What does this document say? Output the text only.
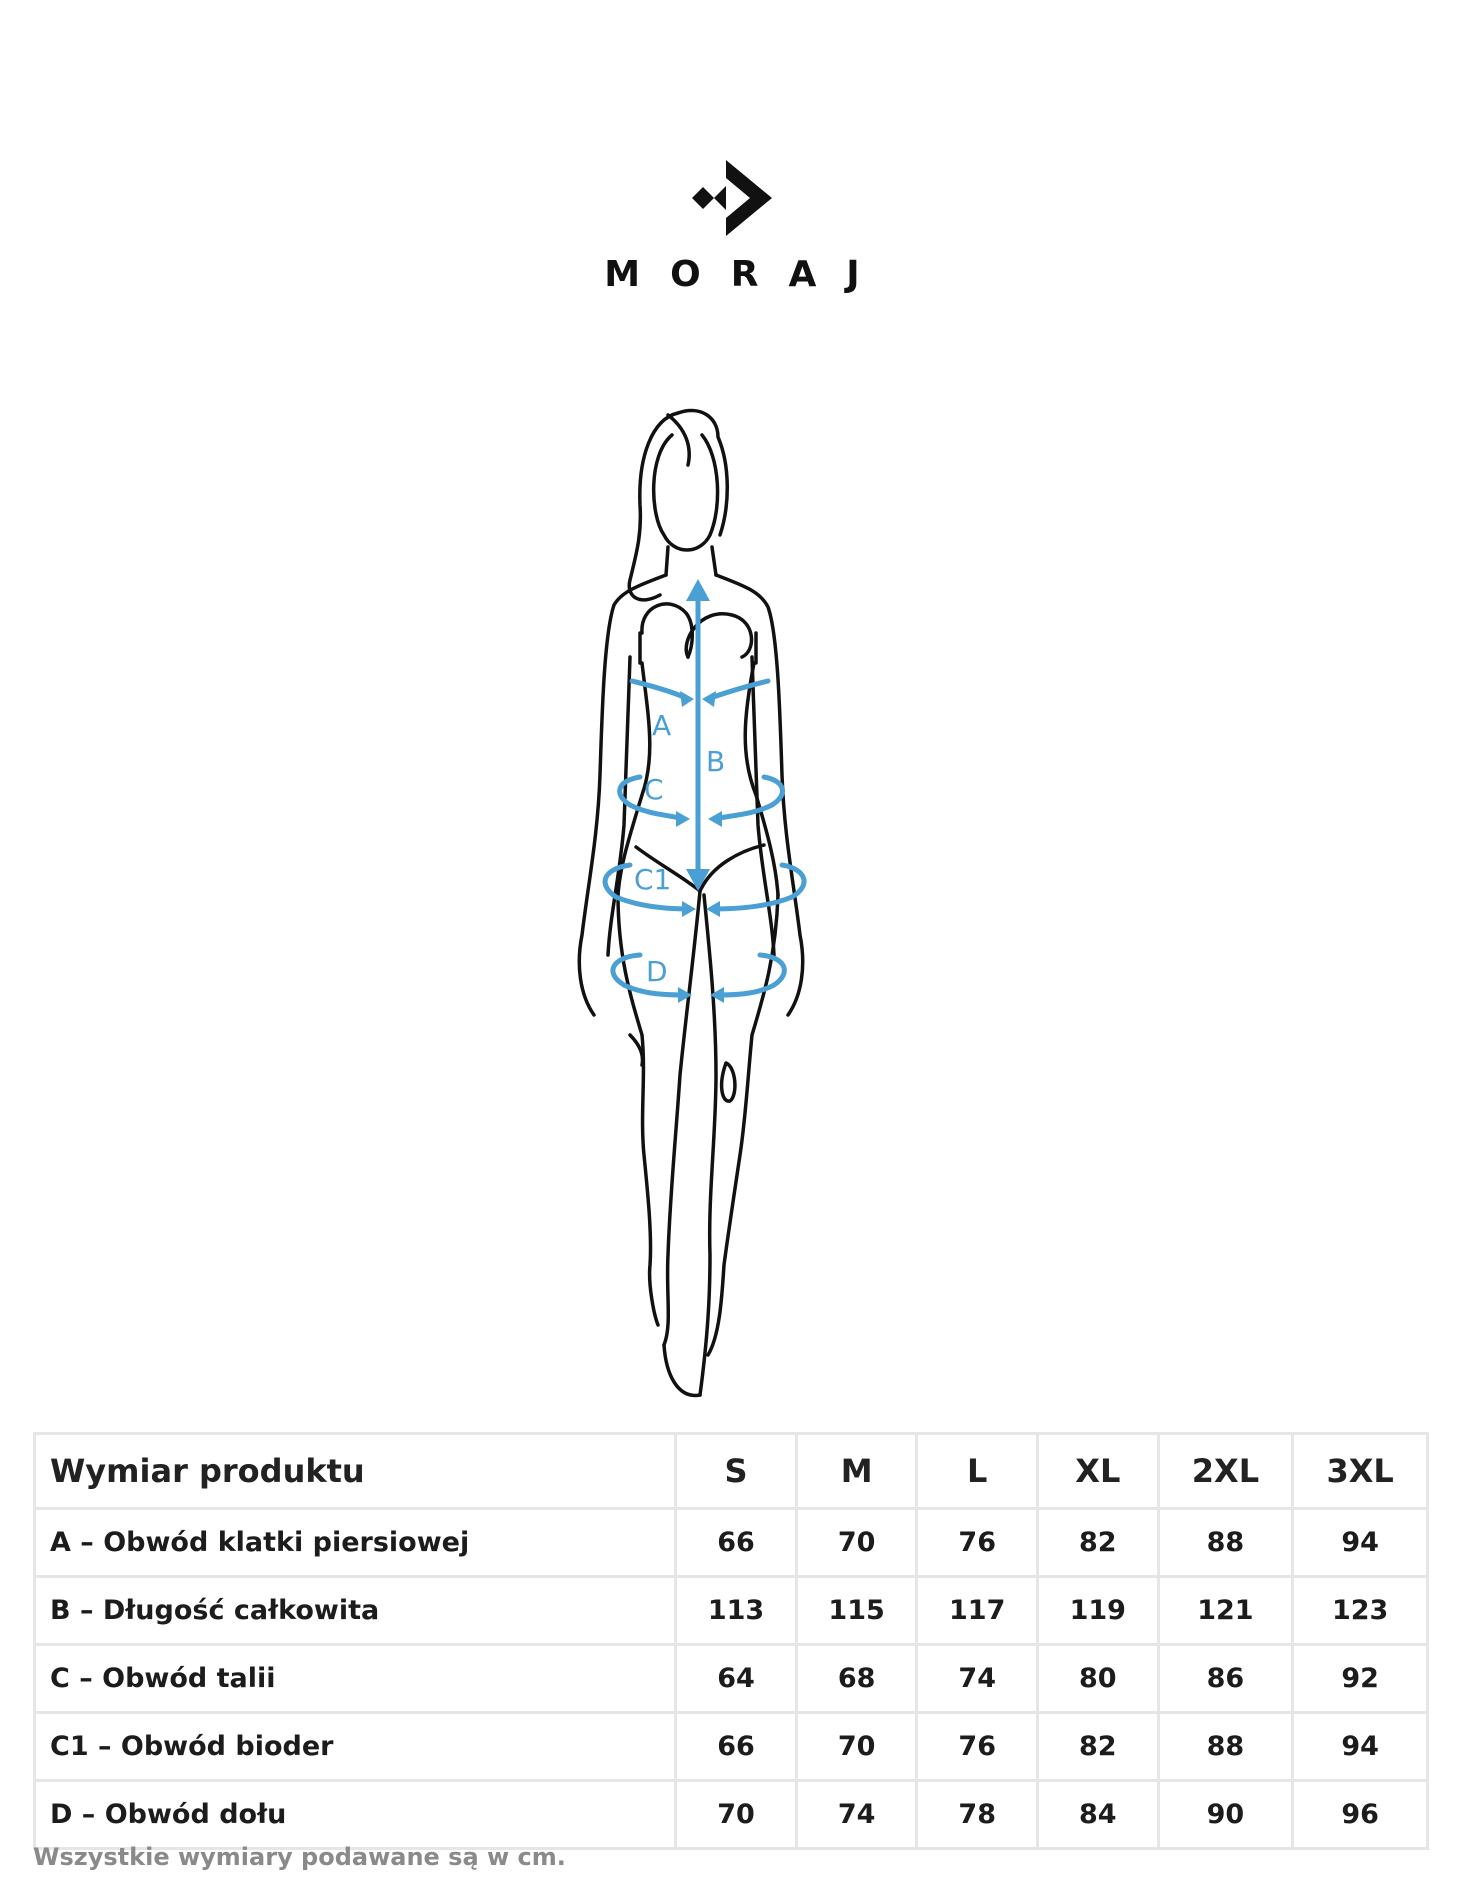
MORAJ
A
B
C
C1
D
Wymiar produktu	S	M	L	XL	2XL	3XL
A – Obwód klatki piersiowej	66	70	76	82	88	94
B – Długość całkowita	113	115	117	119	121	123
C – Obwód talii	64	68	74	80	86	92
C1 – Obwód bioder	66	70	76	82	88	94
D – Obwód dołu	70	74	78	84	90	96
Wszystkie wymiary podawane są w cm.
